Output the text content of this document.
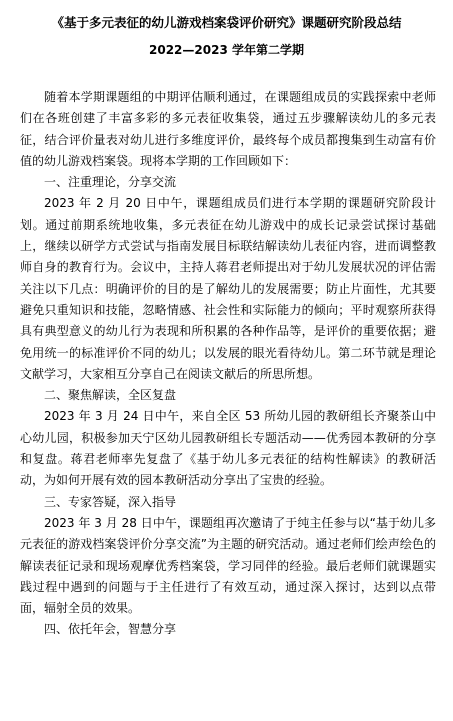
《基于多元表征的幼儿游戏档案袋评价研究》课题研究阶段总结
2022—2023 学年第二学期

随着本学期课题组的中期评估顺利通过，在课题组成员的实践探索中老师们在各班创建了丰富多彩的多元表征收集袋，通过五步骤解读幼儿的多元表征，结合评价量表对幼儿进行多维度评价，最终每个成员都搜集到生动富有价值的幼儿游戏档案袋。现将本学期的工作回顾如下：

一、注重理论，分享交流

2023 年 2 月 20 日中午，课题组成员们进行本学期的课题研究阶段计划。通过前期系统地收集，多元表征在幼儿游戏中的成长记录尝试探讨基础上，继续以研学方式尝试与指南发展目标联结解读幼儿表征内容，进而调整教师自身的教育行为。会议中，主持人蒋君老师提出对于幼儿发展状况的评估需关注以下几点：明确评价的目的是了解幼儿的发展需要；防止片面性，尤其要避免只重知识和技能，忽略情感、社会性和实际能力的倾向；平时观察所获得具有典型意义的幼儿行为表现和所积累的各种作品等，是评价的重要依据；避免用统一的标准评价不同的幼儿；以发展的眼光看待幼儿。第二环节就是理论文献学习，大家相互分享自己在阅读文献后的所思所想。

二、聚焦解读，全区复盘

2023 年 3 月 24 日中午，来自全区 53 所幼儿园的教研组长齐聚茶山中心幼儿园，积极参加天宁区幼儿园教研组长专题活动——优秀园本教研的分享和复盘。蒋君老师率先复盘了《基于幼儿多元表征的结构性解读》的教研活动，为如何开展有效的园本教研活动分享出了宝贵的经验。

三、专家答疑，深入指导

2023 年 3 月 28 日中午，课题组再次邀请了于纯主任参与以“基于幼儿多元表征的游戏档案袋评价分享交流”为主题的研究活动。通过老师们绘声绘色的解读表征记录和现场观摩优秀档案袋，学习同伴的经验。最后老师们就课题实践过程中遇到的问题与于主任进行了有效互动，通过深入探讨，达到以点带面，辐射全员的效果。

四、依托年会，智慧分享
